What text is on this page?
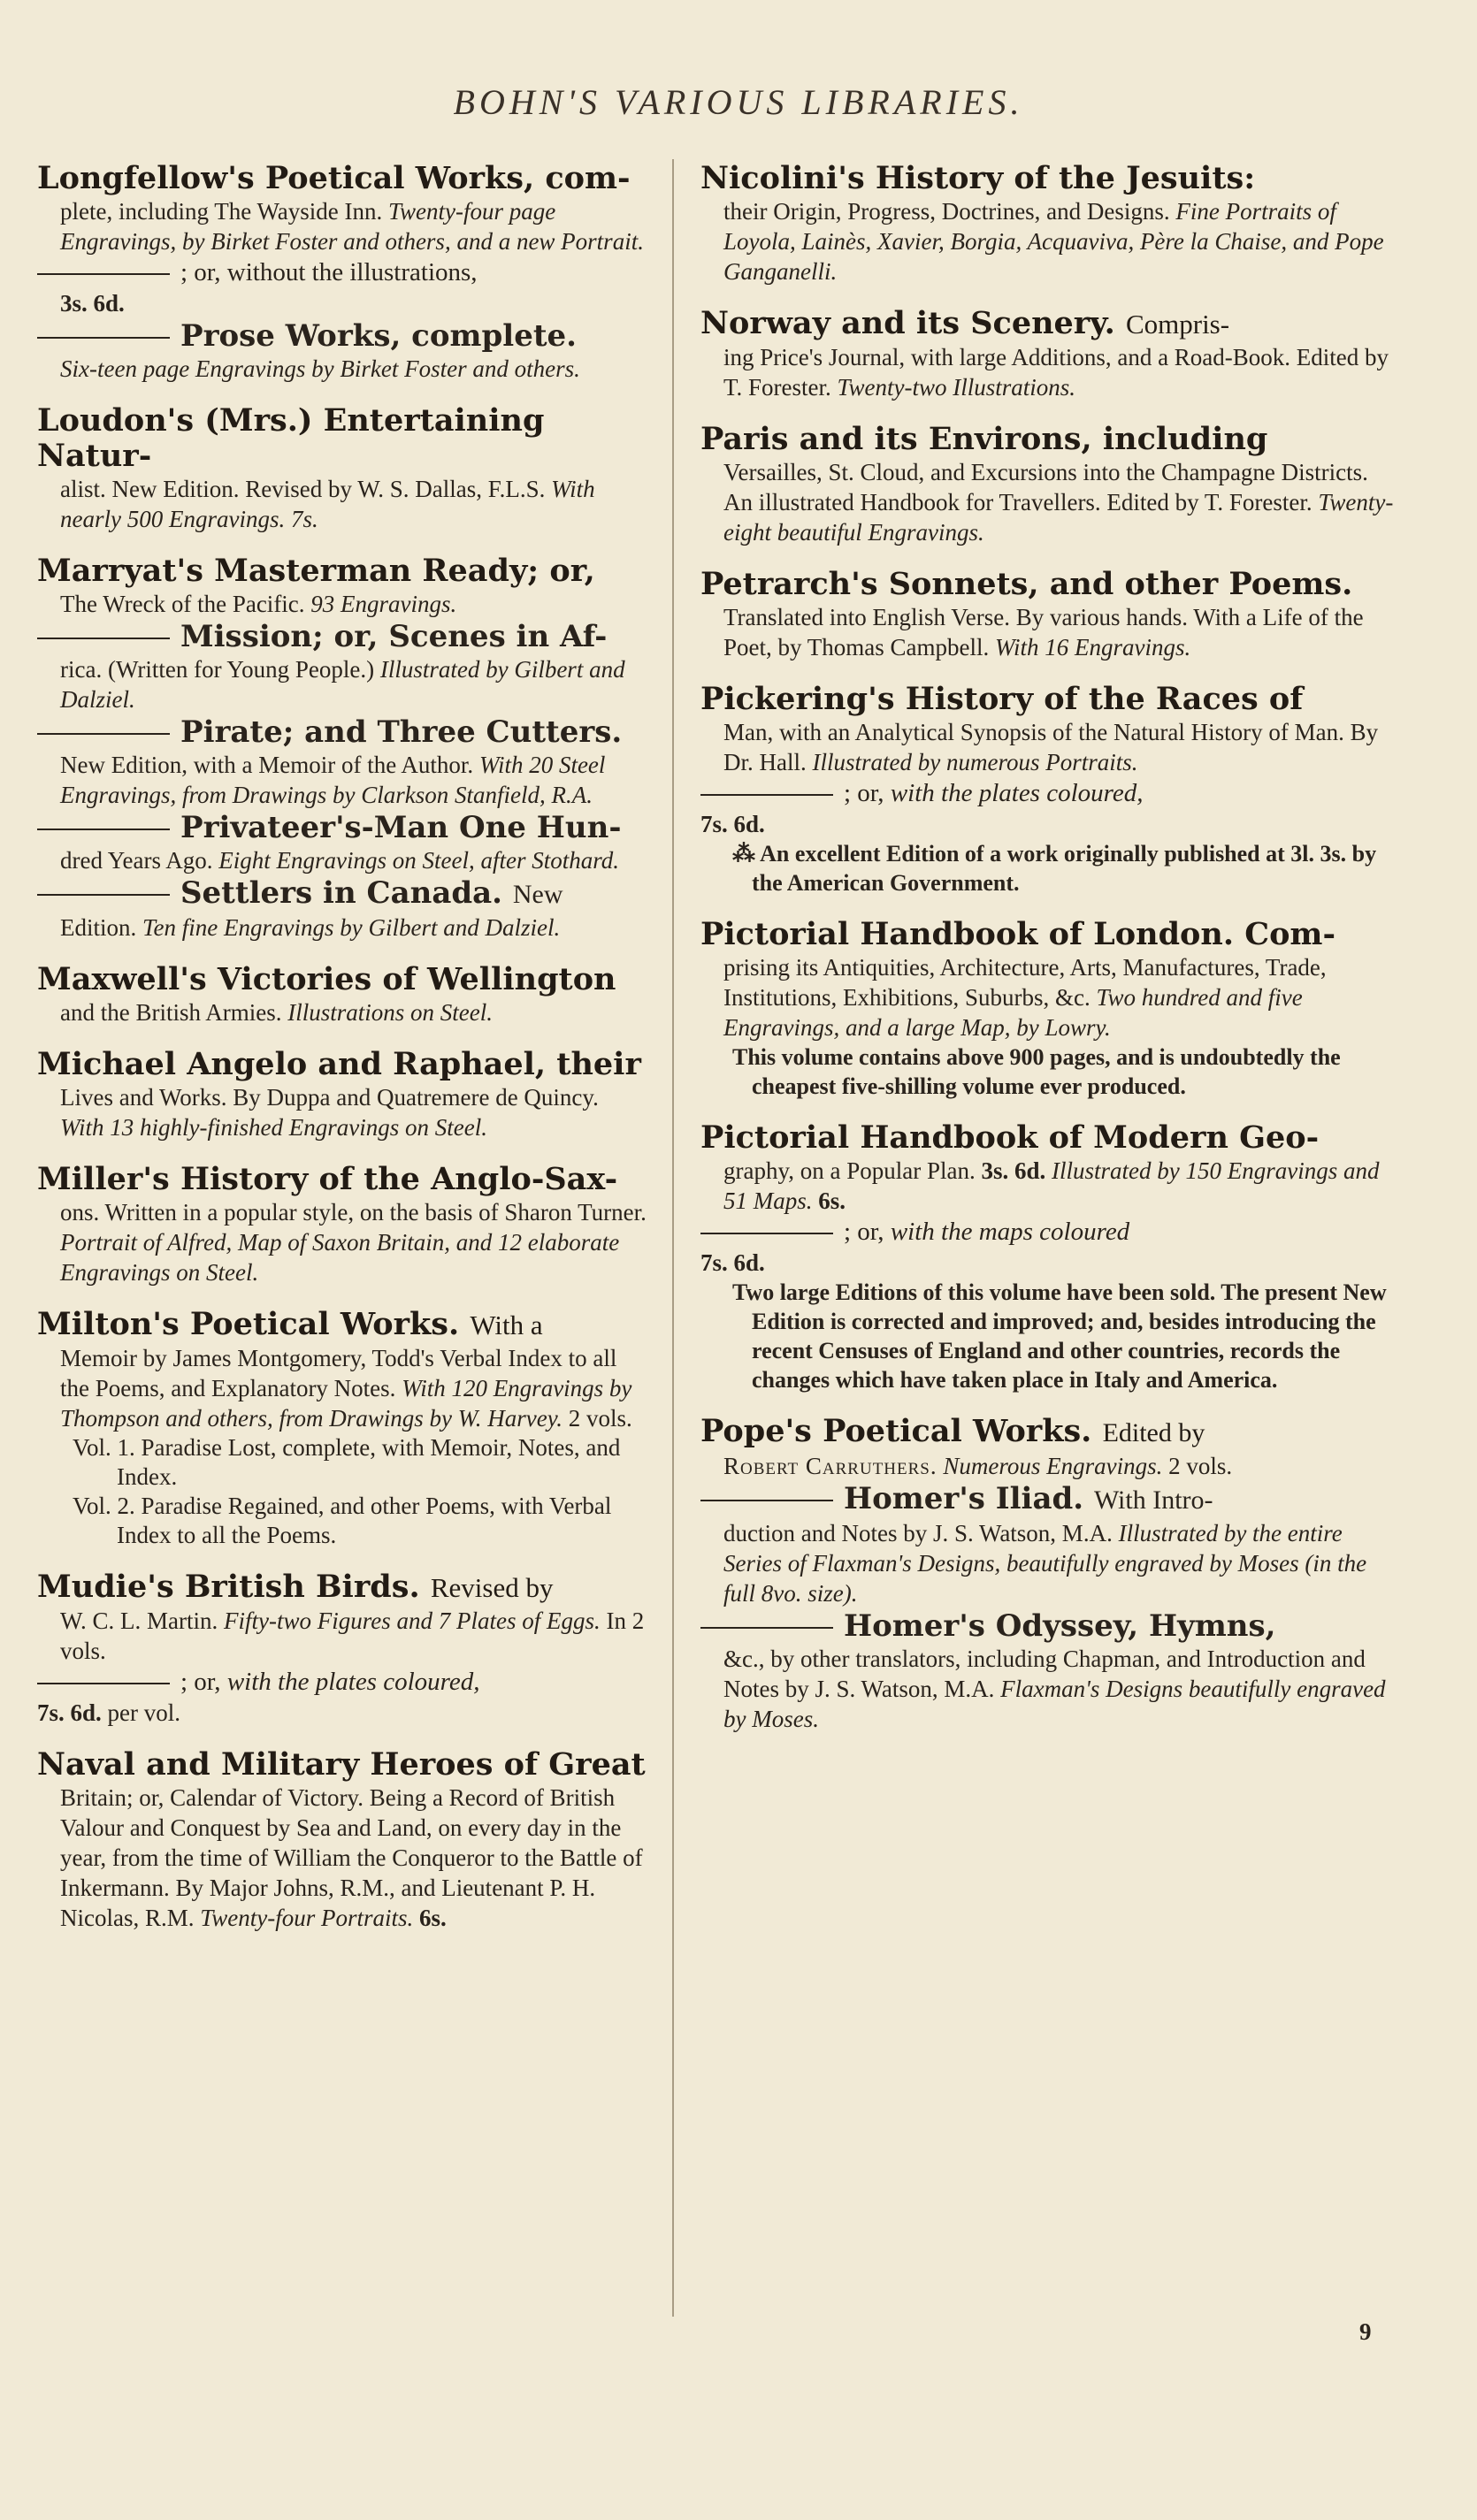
BOHN'S VARIOUS LIBRARIES.

Longfellow's Poetical Works, com-

plete, including The Wayside Inn. Twenty-four page Engravings, by Birket Foster and others, and a new Portrait.

; or, without the illustrations,

3s. 6d.

Prose Works, complete.

Six-teen page Engravings by Birket Foster and others.

Loudon's (Mrs.) Entertaining Natur-

alist. New Edition. Revised by W. S. Dallas, F.L.S. With nearly 500 Engravings. 7s.

Marryat's Masterman Ready; or,

The Wreck of the Pacific. 93 Engravings.

Mission; or, Scenes in Af-

rica. (Written for Young People.) Illustrated by Gilbert and Dalziel.

Pirate; and Three Cutters.

New Edition, with a Memoir of the Author. With 20 Steel Engravings, from Drawings by Clarkson Stanfield, R.A.

Privateer's-Man One Hun-

dred Years Ago. Eight Engravings on Steel, after Stothard.

Settlers in Canada. New

Edition. Ten fine Engravings by Gilbert and Dalziel.

Maxwell's Victories of Wellington

and the British Armies. Illustrations on Steel.

Michael Angelo and Raphael, their

Lives and Works. By Duppa and Quatremere de Quincy. With 13 highly-finished Engravings on Steel.

Miller's History of the Anglo-Sax-

ons. Written in a popular style, on the basis of Sharon Turner. Portrait of Alfred, Map of Saxon Britain, and 12 elaborate Engravings on Steel.

Milton's Poetical Works. With a

Memoir by James Montgomery, Todd's Verbal Index to all the Poems, and Explanatory Notes. With 120 Engravings by Thompson and others, from Drawings by W. Harvey. 2 vols.

Vol. 1. Paradise Lost, complete, with Memoir, Notes, and Index.

Vol. 2. Paradise Regained, and other Poems, with Verbal Index to all the Poems.

Mudie's British Birds. Revised by

W. C. L. Martin. Fifty-two Figures and 7 Plates of Eggs. In 2 vols.

; or, with the plates coloured,

7s. 6d. per vol.

Naval and Military Heroes of Great

Britain; or, Calendar of Victory. Being a Record of British Valour and Conquest by Sea and Land, on every day in the year, from the time of William the Conqueror to the Battle of Inkermann. By Major Johns, R.M., and Lieutenant P. H. Nicolas, R.M. Twenty-four Portraits. 6s.

Nicolini's History of the Jesuits:

their Origin, Progress, Doctrines, and Designs. Fine Portraits of Loyola, Lainès, Xavier, Borgia, Acquaviva, Père la Chaise, and Pope Ganganelli.

Norway and its Scenery. Compris-

ing Price's Journal, with large Additions, and a Road-Book. Edited by T. Forester. Twenty-two Illustrations.

Paris and its Environs, including

Versailles, St. Cloud, and Excursions into the Champagne Districts. An illustrated Handbook for Travellers. Edited by T. Forester. Twenty-eight beautiful Engravings.

Petrarch's Sonnets, and other Poems.

Translated into English Verse. By various hands. With a Life of the Poet, by Thomas Campbell. With 16 Engravings.

Pickering's History of the Races of

Man, with an Analytical Synopsis of the Natural History of Man. By Dr. Hall. Illustrated by numerous Portraits.

; or, with the plates coloured,

7s. 6d.

⁂ An excellent Edition of a work originally published at 3l. 3s. by the American Government.

Pictorial Handbook of London. Com-

prising its Antiquities, Architecture, Arts, Manufactures, Trade, Institutions, Exhibitions, Suburbs, &c. Two hundred and five Engravings, and a large Map, by Lowry.

This volume contains above 900 pages, and is undoubtedly the cheapest five-shilling volume ever produced.

Pictorial Handbook of Modern Geo-

graphy, on a Popular Plan. 3s. 6d. Illustrated by 150 Engravings and 51 Maps. 6s.

; or, with the maps coloured

7s. 6d.

Two large Editions of this volume have been sold. The present New Edition is corrected and improved; and, besides introducing the recent Censuses of England and other countries, records the changes which have taken place in Italy and America.

Pope's Poetical Works. Edited by

Robert Carruthers. Numerous Engravings. 2 vols.

Homer's Iliad. With Intro-

duction and Notes by J. S. Watson, M.A. Illustrated by the entire Series of Flaxman's Designs, beautifully engraved by Moses (in the full 8vo. size).

Homer's Odyssey, Hymns,

&c., by other translators, including Chapman, and Introduction and Notes by J. S. Watson, M.A. Flaxman's Designs beautifully engraved by Moses.

9
